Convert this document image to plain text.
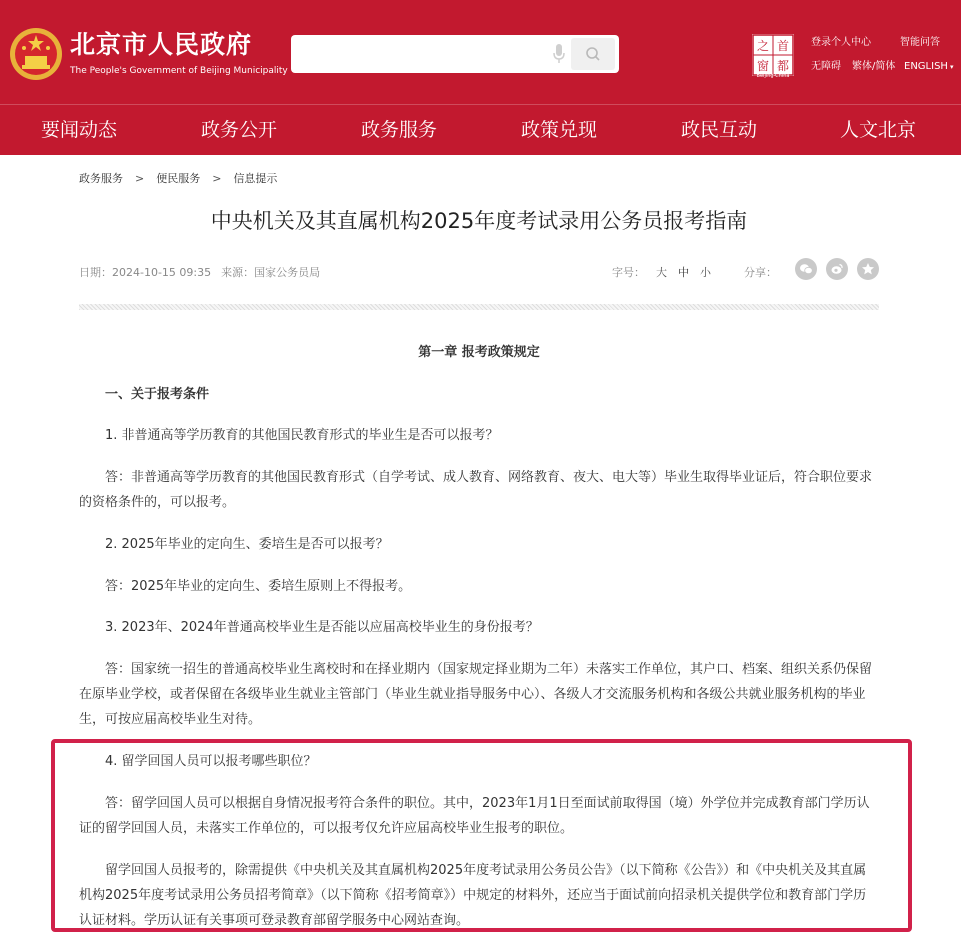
北京市人民政府
The People's Government of Beijing Municipality
之 首
窗 都
Beijing·China
登录个人中心	智能问答
无障碍 繁体/简体 ENGLISH ▾
要闻动态	政务公开	政务服务	政策兑现	政民互动	人文北京
政务服务 > 便民服务 > 信息提示
中央机关及其直属机构2025年度考试录用公务员报考指南
日期：2024-10-15 09:35 来源：国家公务员局	字号： 大 中 小	分享：
第一章 报考政策规定
一、关于报考条件
1. 非普通高等学历教育的其他国民教育形式的毕业生是否可以报考？
答：非普通高等学历教育的其他国民教育形式（自学考试、成人教育、网络教育、夜大、电大等）毕业生取得毕业证后，符合职位要求的资格条件的，可以报考。
2. 2025年毕业的定向生、委培生是否可以报考？
答：2025年毕业的定向生、委培生原则上不得报考。
3. 2023年、2024年普通高校毕业生是否能以应届高校毕业生的身份报考？
答：国家统一招生的普通高校毕业生离校时和在择业期内（国家规定择业期为二年）未落实工作单位，其户口、档案、组织关系仍保留在原毕业学校，或者保留在各级毕业生就业主管部门（毕业生就业指导服务中心）、各级人才交流服务机构和各级公共就业服务机构的毕业生，可按应届高校毕业生对待。
4. 留学回国人员可以报考哪些职位？
答：留学回国人员可以根据自身情况报考符合条件的职位。其中，2023年1月1日至面试前取得国（境）外学位并完成教育部门学历认证的留学回国人员，未落实工作单位的，可以报考仅允许应届高校毕业生报考的职位。
留学回国人员报考的，除需提供《中央机关及其直属机构2025年度考试录用公务员公告》（以下简称《公告》）和《中央机关及其直属机构2025年度考试录用公务员招考简章》（以下简称《招考简章》）中规定的材料外，还应当于面试前向招录机关提供学位和教育部门学历认证材料。学历认证有关事项可登录教育部留学服务中心网站查询。
